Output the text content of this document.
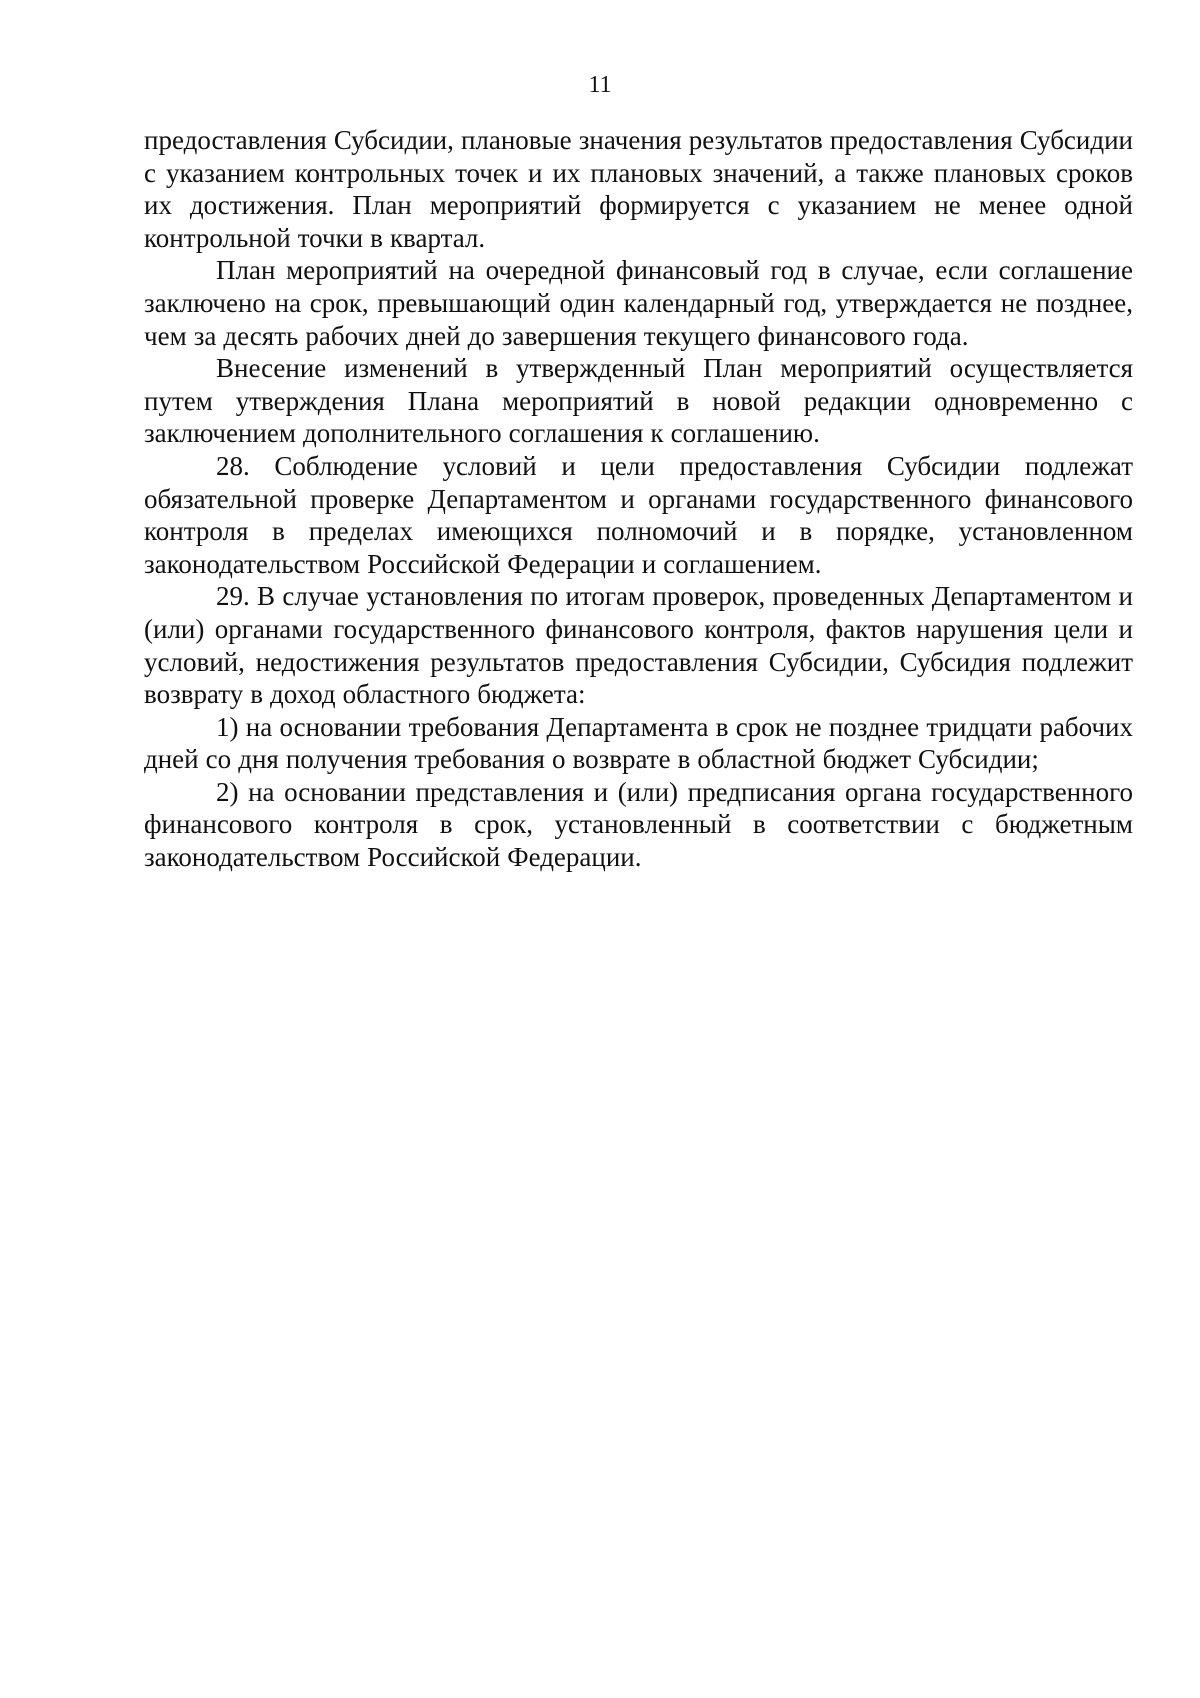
11

предоставления Субсидии, плановые значения результатов предоставления Субсидии с указанием контрольных точек и их плановых значений, а также плановых сроков их достижения. План мероприятий формируется с указанием не менее одной контрольной точки в квартал.

План мероприятий на очередной финансовый год в случае, если соглашение заключено на срок, превышающий один календарный год, утверждается не позднее, чем за десять рабочих дней до завершения текущего финансового года.

Внесение изменений в утвержденный План мероприятий осуществляется путем утверждения Плана мероприятий в новой редакции одновременно с заключением дополнительного соглашения к соглашению.

28. Соблюдение условий и цели предоставления Субсидии подлежат обязательной проверке Департаментом и органами государственного финансового контроля в пределах имеющихся полномочий и в порядке, установленном законодательством Российской Федерации и соглашением.

29. В случае установления по итогам проверок, проведенных Департаментом и (или) органами государственного финансового контроля, фактов нарушения цели и условий, недостижения результатов предоставления Субсидии, Субсидия подлежит возврату в доход областного бюджета:

1) на основании требования Департамента в срок не позднее тридцати рабочих дней со дня получения требования о возврате в областной бюджет Субсидии;

2) на основании представления и (или) предписания органа государственного финансового контроля в срок, установленный в соответствии с бюджетным законодательством Российской Федерации.
